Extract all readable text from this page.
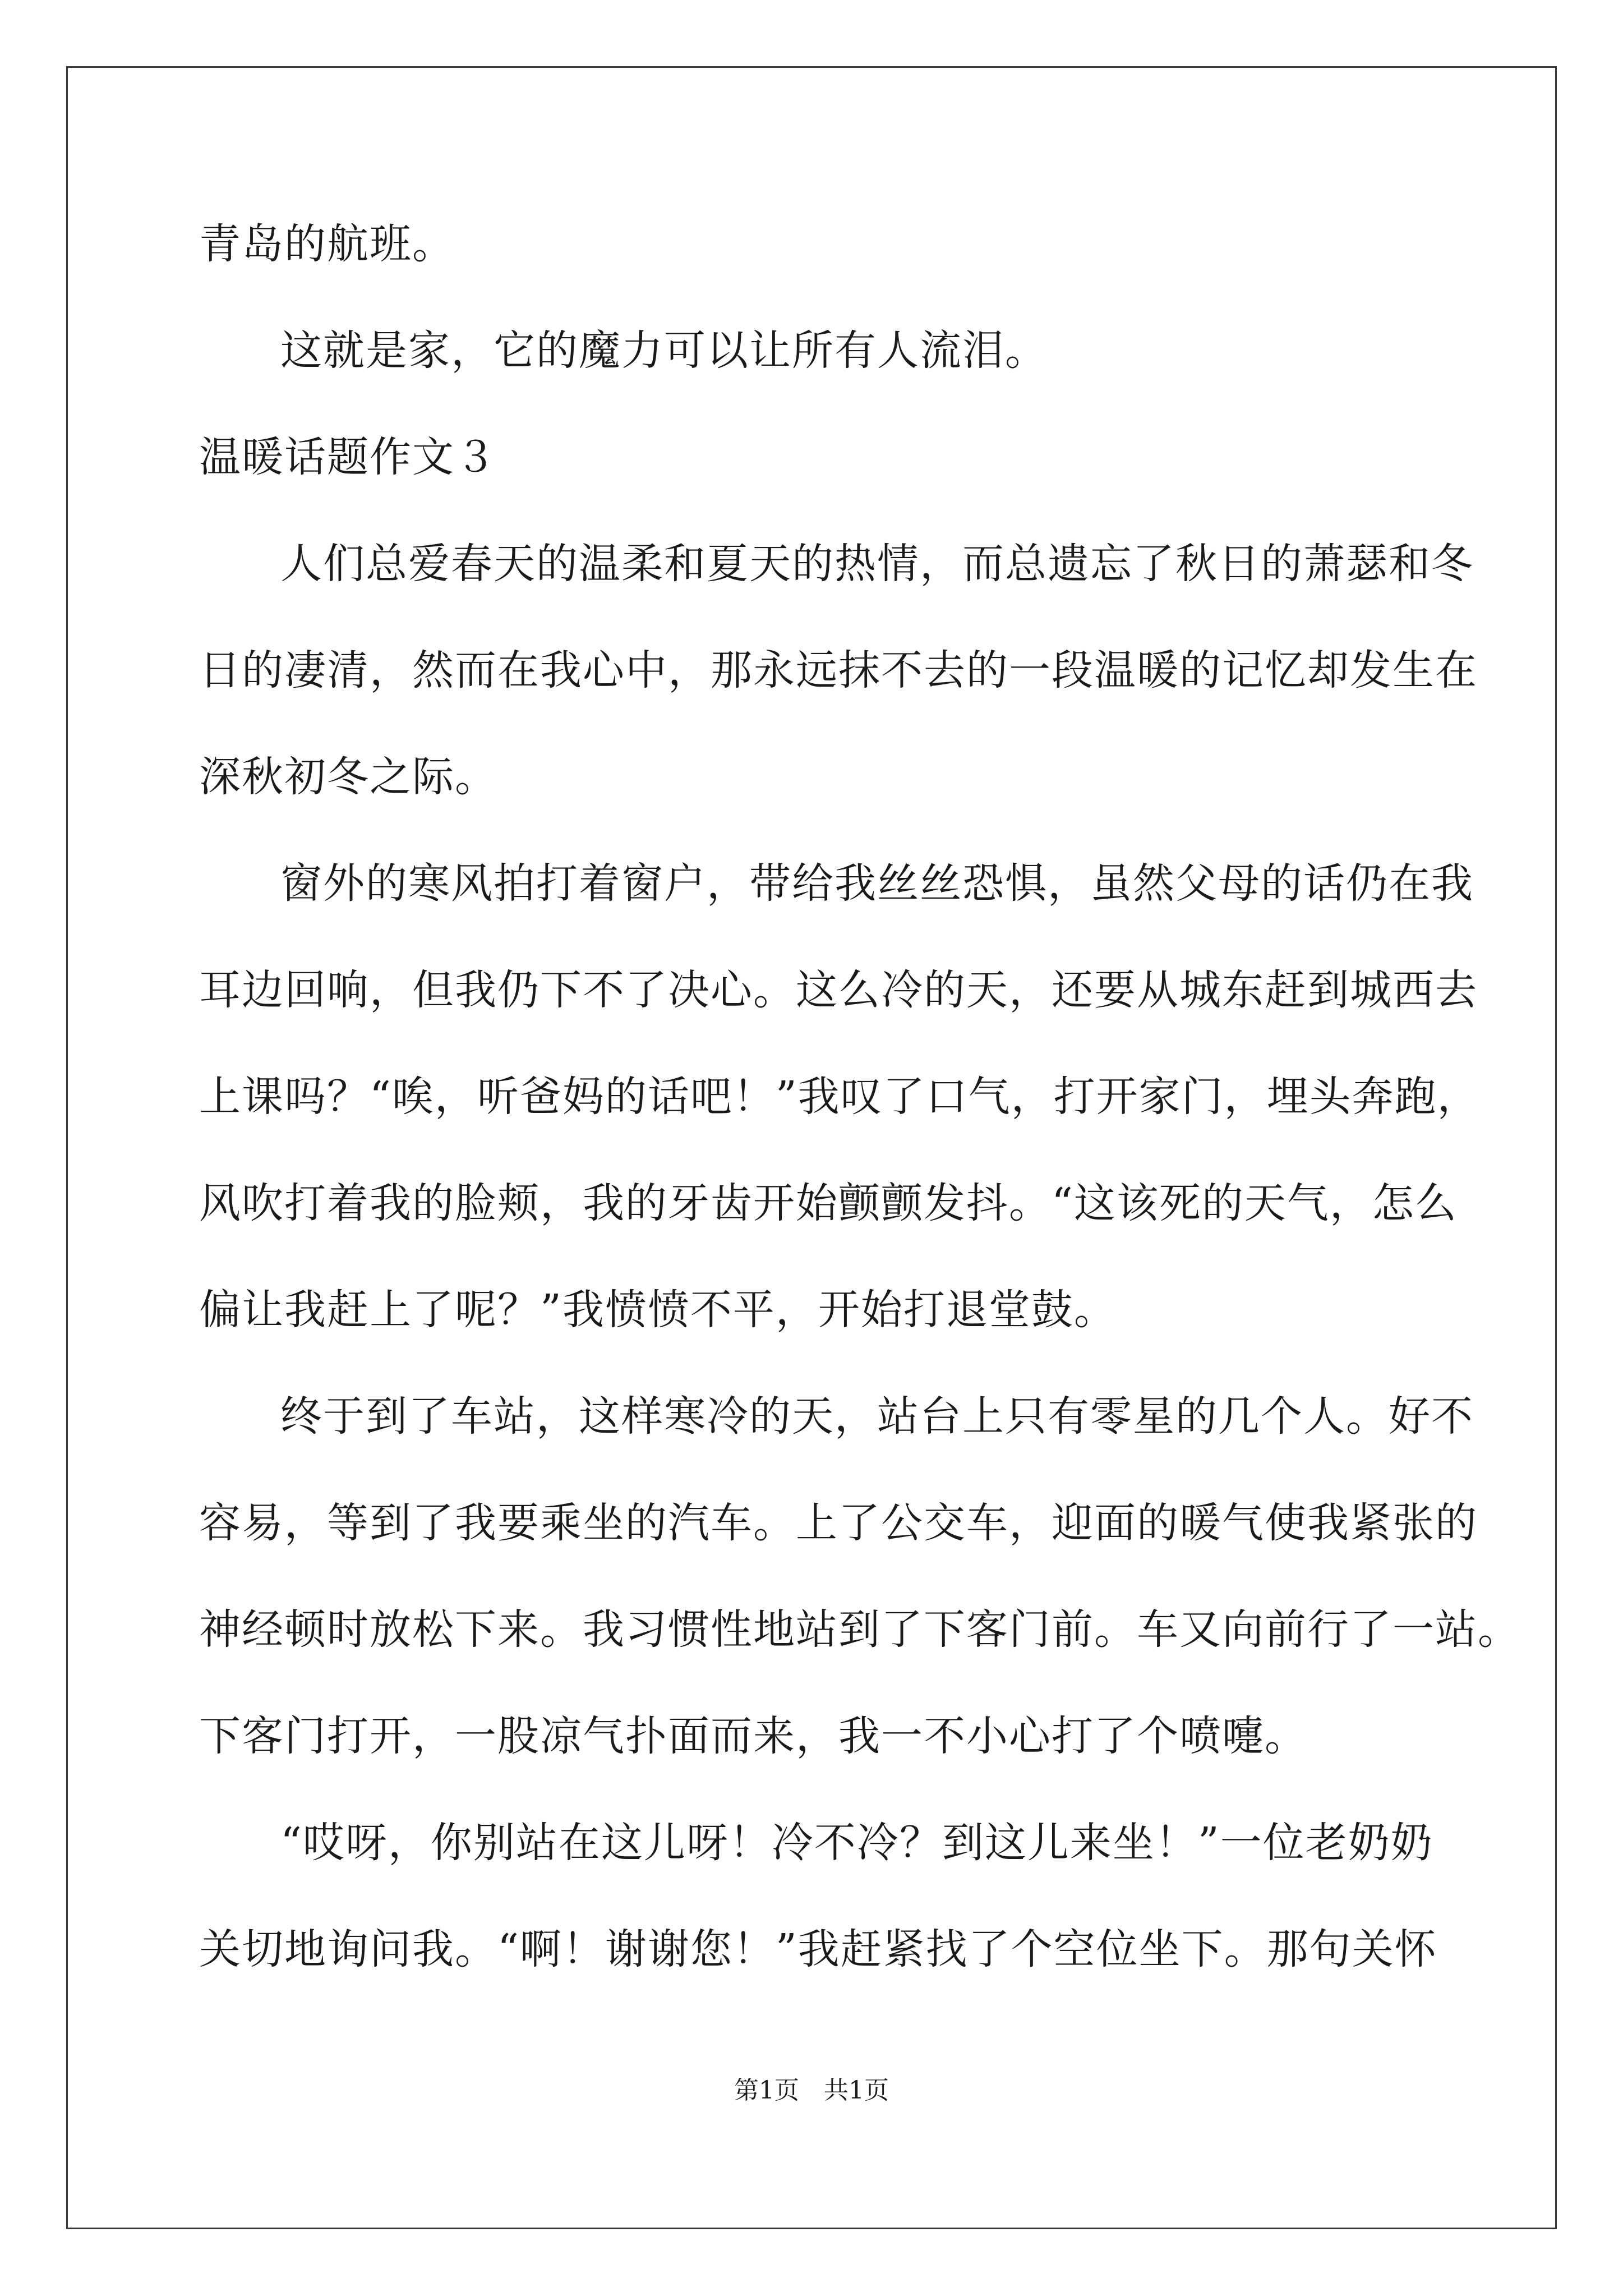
青岛的航班。
这就是家，它的魔力可以让所有人流泪。
温暖话题作文３
人们总爱春天的温柔和夏天的热情，而总遗忘了秋日的萧瑟和冬
日的凄清，然而在我心中，那永远抹不去的一段温暖的记忆却发生在
深秋初冬之际。
窗外的寒风拍打着窗户，带给我丝丝恐惧，虽然父母的话仍在我
耳边回响，但我仍下不了决心。这么冷的天，还要从城东赶到城西去
上课吗？“唉，听爸妈的话吧！”我叹了口气，打开家门，埋头奔跑，
风吹打着我的脸颊，我的牙齿开始颤颤发抖。“这该死的天气，怎么
偏让我赶上了呢？”我愤愤不平，开始打退堂鼓。
终于到了车站，这样寒冷的天，站台上只有零星的几个人。好不
容易，等到了我要乘坐的汽车。上了公交车，迎面的暖气使我紧张的
神经顿时放松下来。我习惯性地站到了下客门前。车又向前行了一站。
下客门打开，一股凉气扑面而来，我一不小心打了个喷嚏。
“哎呀，你别站在这儿呀！冷不冷？到这儿来坐！”一位老奶奶
关切地询问我。“啊！谢谢您！”我赶紧找了个空位坐下。那句关怀
第1页　共1页
